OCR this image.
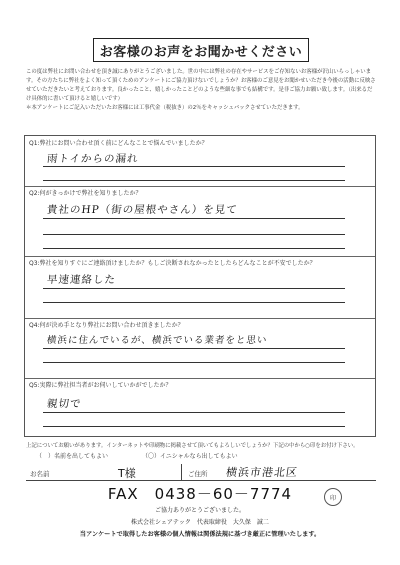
お客様のお声をお聞かせください

この度は弊社にお問い合わせを頂き誠にありがとうございました。世の中には弊社の存在やサービスをご存知ないお客様が沢山いらっしゃいます。その方たちに弊社をよく知って頂くためのアンケートにご協力頂けないでしょうか？お客様のご意見をお聞かせいただき今後の活動に反映させていただきたいと考えております。良かったこと、嬉しかったことどのような些細な事でも結構です。是非ご協力お願い致します。（出来るだけ具体的に書いて頂けると嬉しいです）

＊本アンケートにご記入いただいたお客様には工事代金（税抜き）の2％をキャッシュバックさせていただきます。

Q1:弊社にお問い合わせ頂く前にどんなことで悩んでいましたか？
雨トイからの漏れ
Q2:何がきっかけで弊社を知りましたか？
貴社のHP（街の屋根やさん）を見て
Q3:弊社を知りすぐにご連絡頂けましたか？もしご決断されなかったとしたらどんなことが不安でしたか？
早速連絡した
Q4:何が決め手となり弊社にお問い合わせ頂きましたか？
横浜に住んでいるが、横浜でいる業者をと思い
Q5:実際に弊社担当者がお伺いしていかがでしたか？
親切で
上記についてお願いがあります。インターネットや印刷物に掲載させて頂いてもよろしいでしょうか？下記の中から○印をお付け下さい。
（　）名前を出してもよい	（〇）イニシャルなら出してもよい
お名前	T様	ご住所 横浜市港北区
FAX　0438－60－7774	印
ご協力ありがとうございました。
株式会社シェアテック　代表取締役　大久保　誠二
当アンケートで取得したお客様の個人情報は関係法規に基づき厳正に管理いたします。
